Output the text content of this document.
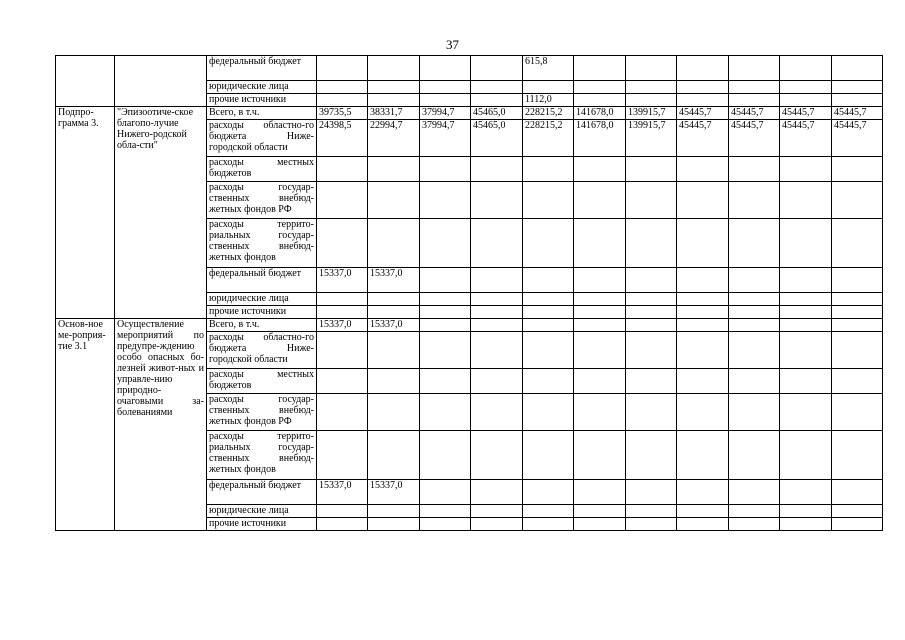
37
		федеральный бюджет					615,8						
		юридические лица											
		прочие источники					1112,0						
Подпро-грамма 3.	"Эпизоотиче-ское благопо-лучие Нижего-родской обла-сти"	Всего, в т.ч.	39735,5	38331,7	37994,7	45465,0	228215,2	141678,0	139915,7	45445,7	45445,7	45445,7	45445,7
		расходы областно-го бюджета Ниже-городской области	24398,5	22994,7	37994,7	45465,0	228215,2	141678,0	139915,7	45445,7	45445,7	45445,7	45445,7
		расходы местных бюджетов											
		расходы государ-ственных внебюд-жетных фондов РФ											
		расходы террито-риальных государ-ственных внебюд-жетных фондов											
		федеральный бюджет	15337,0	15337,0									
		юридические лица											
		прочие источники											
Основ-ное ме-роприя-тие 3.1	Осуществление мероприятий по предупре-ждению особо опасных бо-лезней живот-ных и управле-нию природно-очаговыми за-болеваниями	Всего, в т.ч.	15337,0	15337,0									
		расходы областно-го бюджета Ниже-городской области											
		расходы местных бюджетов											
		расходы государ-ственных внебюд-жетных фондов РФ											
		расходы террито-риальных государ-ственных внебюд-жетных фондов											
		федеральный бюджет	15337,0	15337,0									
		юридические лица											
		прочие источники											
